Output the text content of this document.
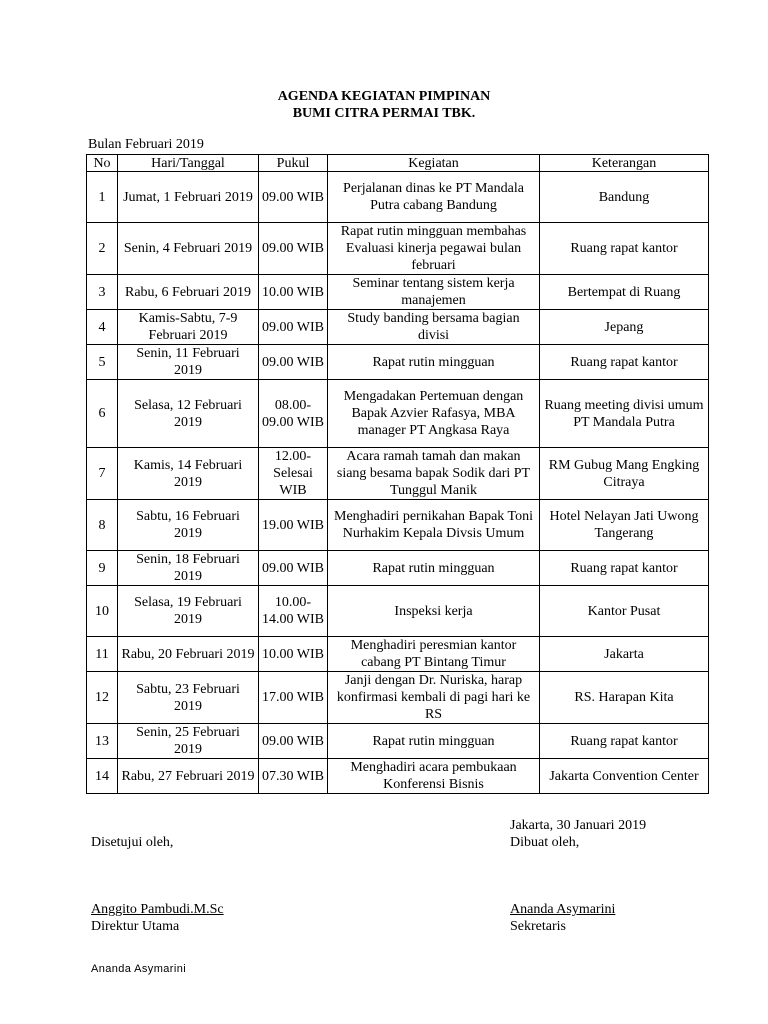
AGENDA KEGIATAN PIMPINAN
BUMI CITRA PERMAI TBK.
Bulan Februari 2019
No	Hari/Tanggal	Pukul	Kegiatan	Keterangan
1	Jumat, 1 Februari 2019	09.00 WIB	Perjalanan dinas ke PT Mandala Putra cabang Bandung	Bandung
2	Senin, 4 Februari 2019	09.00 WIB	Rapat rutin mingguan membahas Evaluasi kinerja pegawai bulan februari	Ruang rapat kantor
3	Rabu, 6 Februari 2019	10.00 WIB	Seminar tentang sistem kerja manajemen	Bertempat di Ruang
4	Kamis-Sabtu, 7-9 Februari 2019	09.00 WIB	Study banding bersama bagian divisi	Jepang
5	Senin, 11 Februari 2019	09.00 WIB	Rapat rutin mingguan	Ruang rapat kantor
6	Selasa, 12 Februari 2019	08.00-09.00 WIB	Mengadakan Pertemuan dengan Bapak Azvier Rafasya, MBA manager PT Angkasa Raya	Ruang meeting divisi umum PT Mandala Putra
7	Kamis, 14 Februari 2019	12.00-Selesai WIB	Acara ramah tamah dan makan siang besama bapak Sodik dari PT Tunggul Manik	RM Gubug Mang Engking Citraya
8	Sabtu, 16 Februari 2019	19.00 WIB	Menghadiri pernikahan Bapak Toni Nurhakim Kepala Divsis Umum	Hotel Nelayan Jati Uwong Tangerang
9	Senin, 18 Februari 2019	09.00 WIB	Rapat rutin mingguan	Ruang rapat kantor
10	Selasa, 19 Februari 2019	10.00-14.00 WIB	Inspeksi kerja	Kantor Pusat
11	Rabu, 20 Februari 2019	10.00 WIB	Menghadiri peresmian kantor cabang PT Bintang Timur	Jakarta
12	Sabtu, 23 Februari 2019	17.00 WIB	Janji dengan Dr. Nuriska, harap konfirmasi kembali di pagi hari ke RS	RS. Harapan Kita
13	Senin, 25 Februari 2019	09.00 WIB	Rapat rutin mingguan	Ruang rapat kantor
14	Rabu, 27 Februari 2019	07.30 WIB	Menghadiri acara pembukaan Konferensi Bisnis	Jakarta Convention Center
Jakarta, 30 Januari 2019
Disetujui oleh,	Dibuat oleh,
Anggito Pambudi.M.Sc
Direktur Utama
Ananda Asymarini
Sekretaris
Ananda Asymarini
